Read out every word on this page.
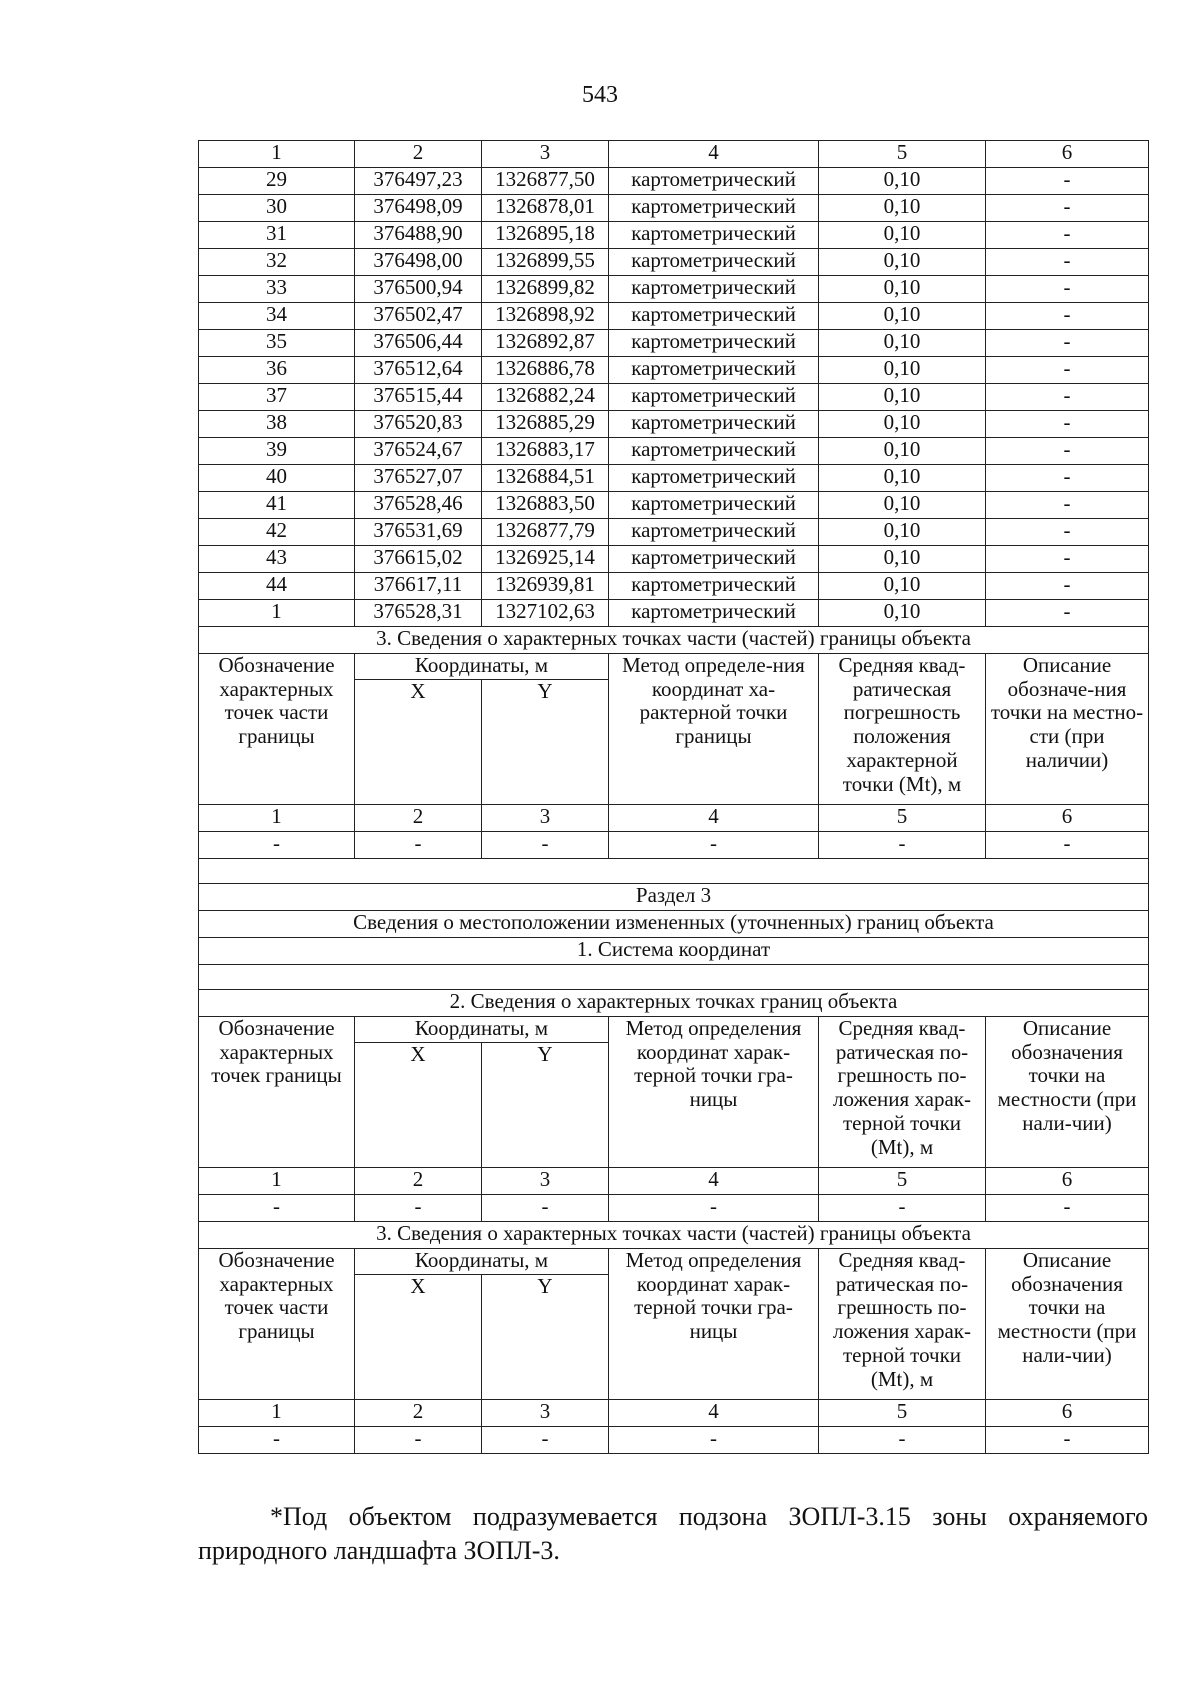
543
1	2	3	4	5	6
29	376497,23	1326877,50	картометрический	0,10	-
30	376498,09	1326878,01	картометрический	0,10	-
31	376488,90	1326895,18	картометрический	0,10	-
32	376498,00	1326899,55	картометрический	0,10	-
33	376500,94	1326899,82	картометрический	0,10	-
34	376502,47	1326898,92	картометрический	0,10	-
35	376506,44	1326892,87	картометрический	0,10	-
36	376512,64	1326886,78	картометрический	0,10	-
37	376515,44	1326882,24	картометрический	0,10	-
38	376520,83	1326885,29	картометрический	0,10	-
39	376524,67	1326883,17	картометрический	0,10	-
40	376527,07	1326884,51	картометрический	0,10	-
41	376528,46	1326883,50	картометрический	0,10	-
42	376531,69	1326877,79	картометрический	0,10	-
43	376615,02	1326925,14	картометрический	0,10	-
44	376617,11	1326939,81	картометрический	0,10	-
1	376528,31	1327102,63	картометрический	0,10	-
3. Сведения о характерных точках части (частей) границы объекта					
Обозначение характерных точек части границы	Координаты, м		Метод определе-ния координат ха-рактерной точки границы	Средняя квад-ратическая погрешность положения характерной точки (Mt), м	Описание обозначе-ния точки на местно-сти (при наличии)
	X	Y			
1	2	3	4	5	6
-	-	-	-	-	-

Раздел 3					
Сведения о местоположении измененных (уточненных) границ объекта					
1. Система координат					

2. Сведения о характерных точках границ объекта					
Обозначение характерных точек границы	Координаты, м		Метод определения координат харак-терной точки гра-ницы	Средняя квад-ратическая по-грешность по-ложения харак-терной точки (Mt), м	Описание обозначения точки на местности (при нали-чии)
	X	Y			
1	2	3	4	5	6
-	-	-	-	-	-
3. Сведения о характерных точках части (частей) границы объекта					
Обозначение характерных точек части границы	Координаты, м		Метод определения координат харак-терной точки гра-ницы	Средняя квад-ратическая по-грешность по-ложения харак-терной точки (Mt), м	Описание обозначения точки на местности (при нали-чии)
	X	Y			
1	2	3	4	5	6
-	-	-	-	-	-
*Под объектом подразумевается подзона ЗОПЛ-3.15 зоны охраняемого природного ландшафта ЗОПЛ-3.
